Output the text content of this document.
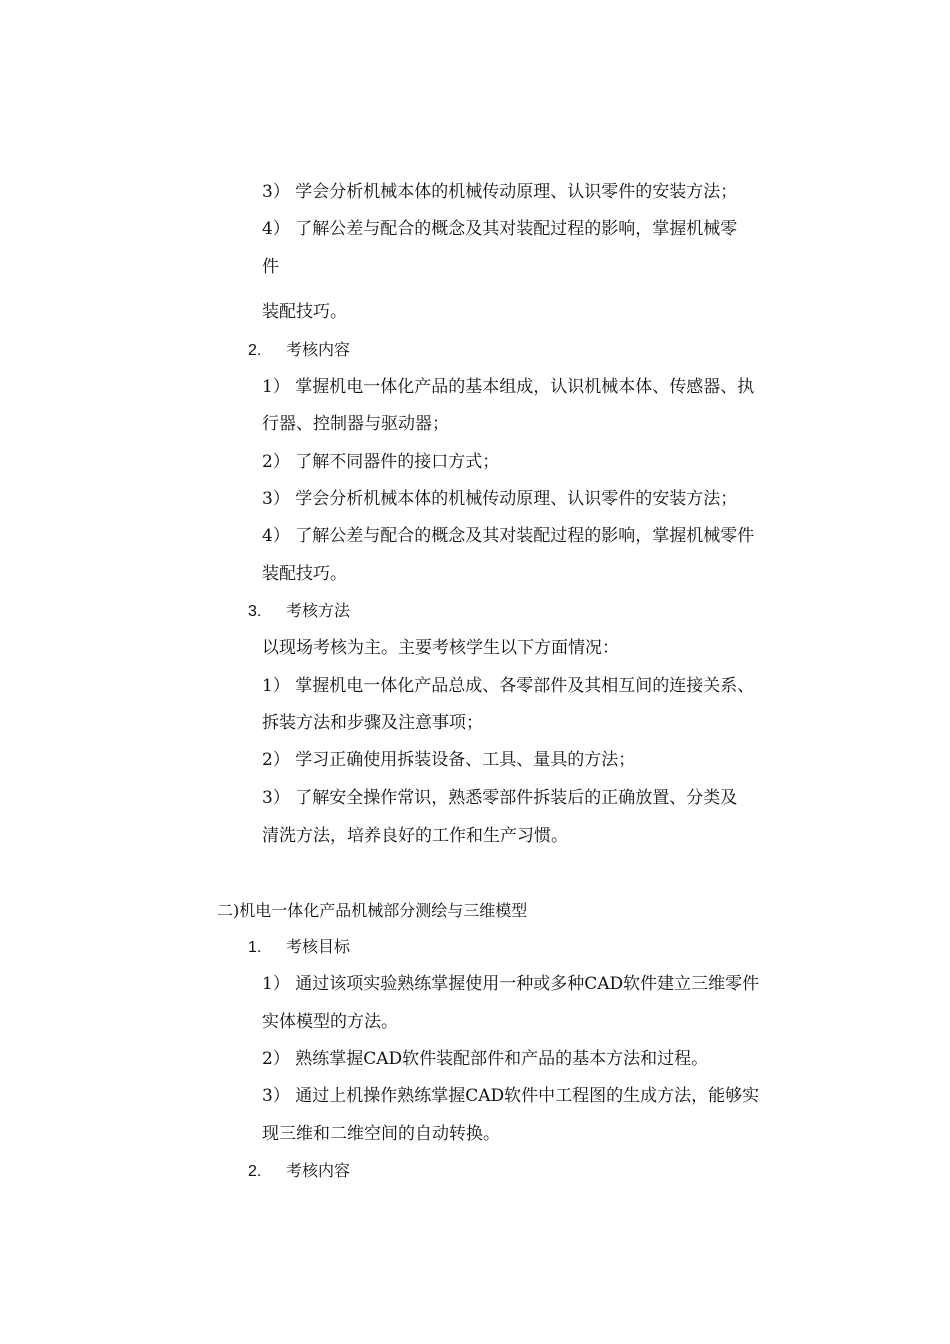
3） 学会分析机械本体的机械传动原理、认识零件的安装方法；
4） 了解公差与配合的概念及其对装配过程的影响，掌握机械零
件
装配技巧。
2. 考核内容
1） 掌握机电一体化产品的基本组成，认识机械本体、传感器、执
行器、控制器与驱动器；
2） 了解不同器件的接口方式；
3） 学会分析机械本体的机械传动原理、认识零件的安装方法；
4） 了解公差与配合的概念及其对装配过程的影响，掌握机械零件
装配技巧。
3. 考核方法
以现场考核为主。主要考核学生以下方面情况：
1） 掌握机电一体化产品总成、各零部件及其相互间的连接关系、
拆装方法和步骤及注意事项；
2） 学习正确使用拆装设备、工具、量具的方法；
3） 了解安全操作常识，熟悉零部件拆装后的正确放置、分类及
清洗方法，培养良好的工作和生产习惯。
二)机电一体化产品机械部分测绘与三维模型
1. 考核目标
1） 通过该项实验熟练掌握使用一种或多种CAD软件建立三维零件
实体模型的方法。
2） 熟练掌握CAD软件装配部件和产品的基本方法和过程。
3） 通过上机操作熟练掌握CAD软件中工程图的生成方法，能够实
现三维和二维空间的自动转换。
2. 考核内容
